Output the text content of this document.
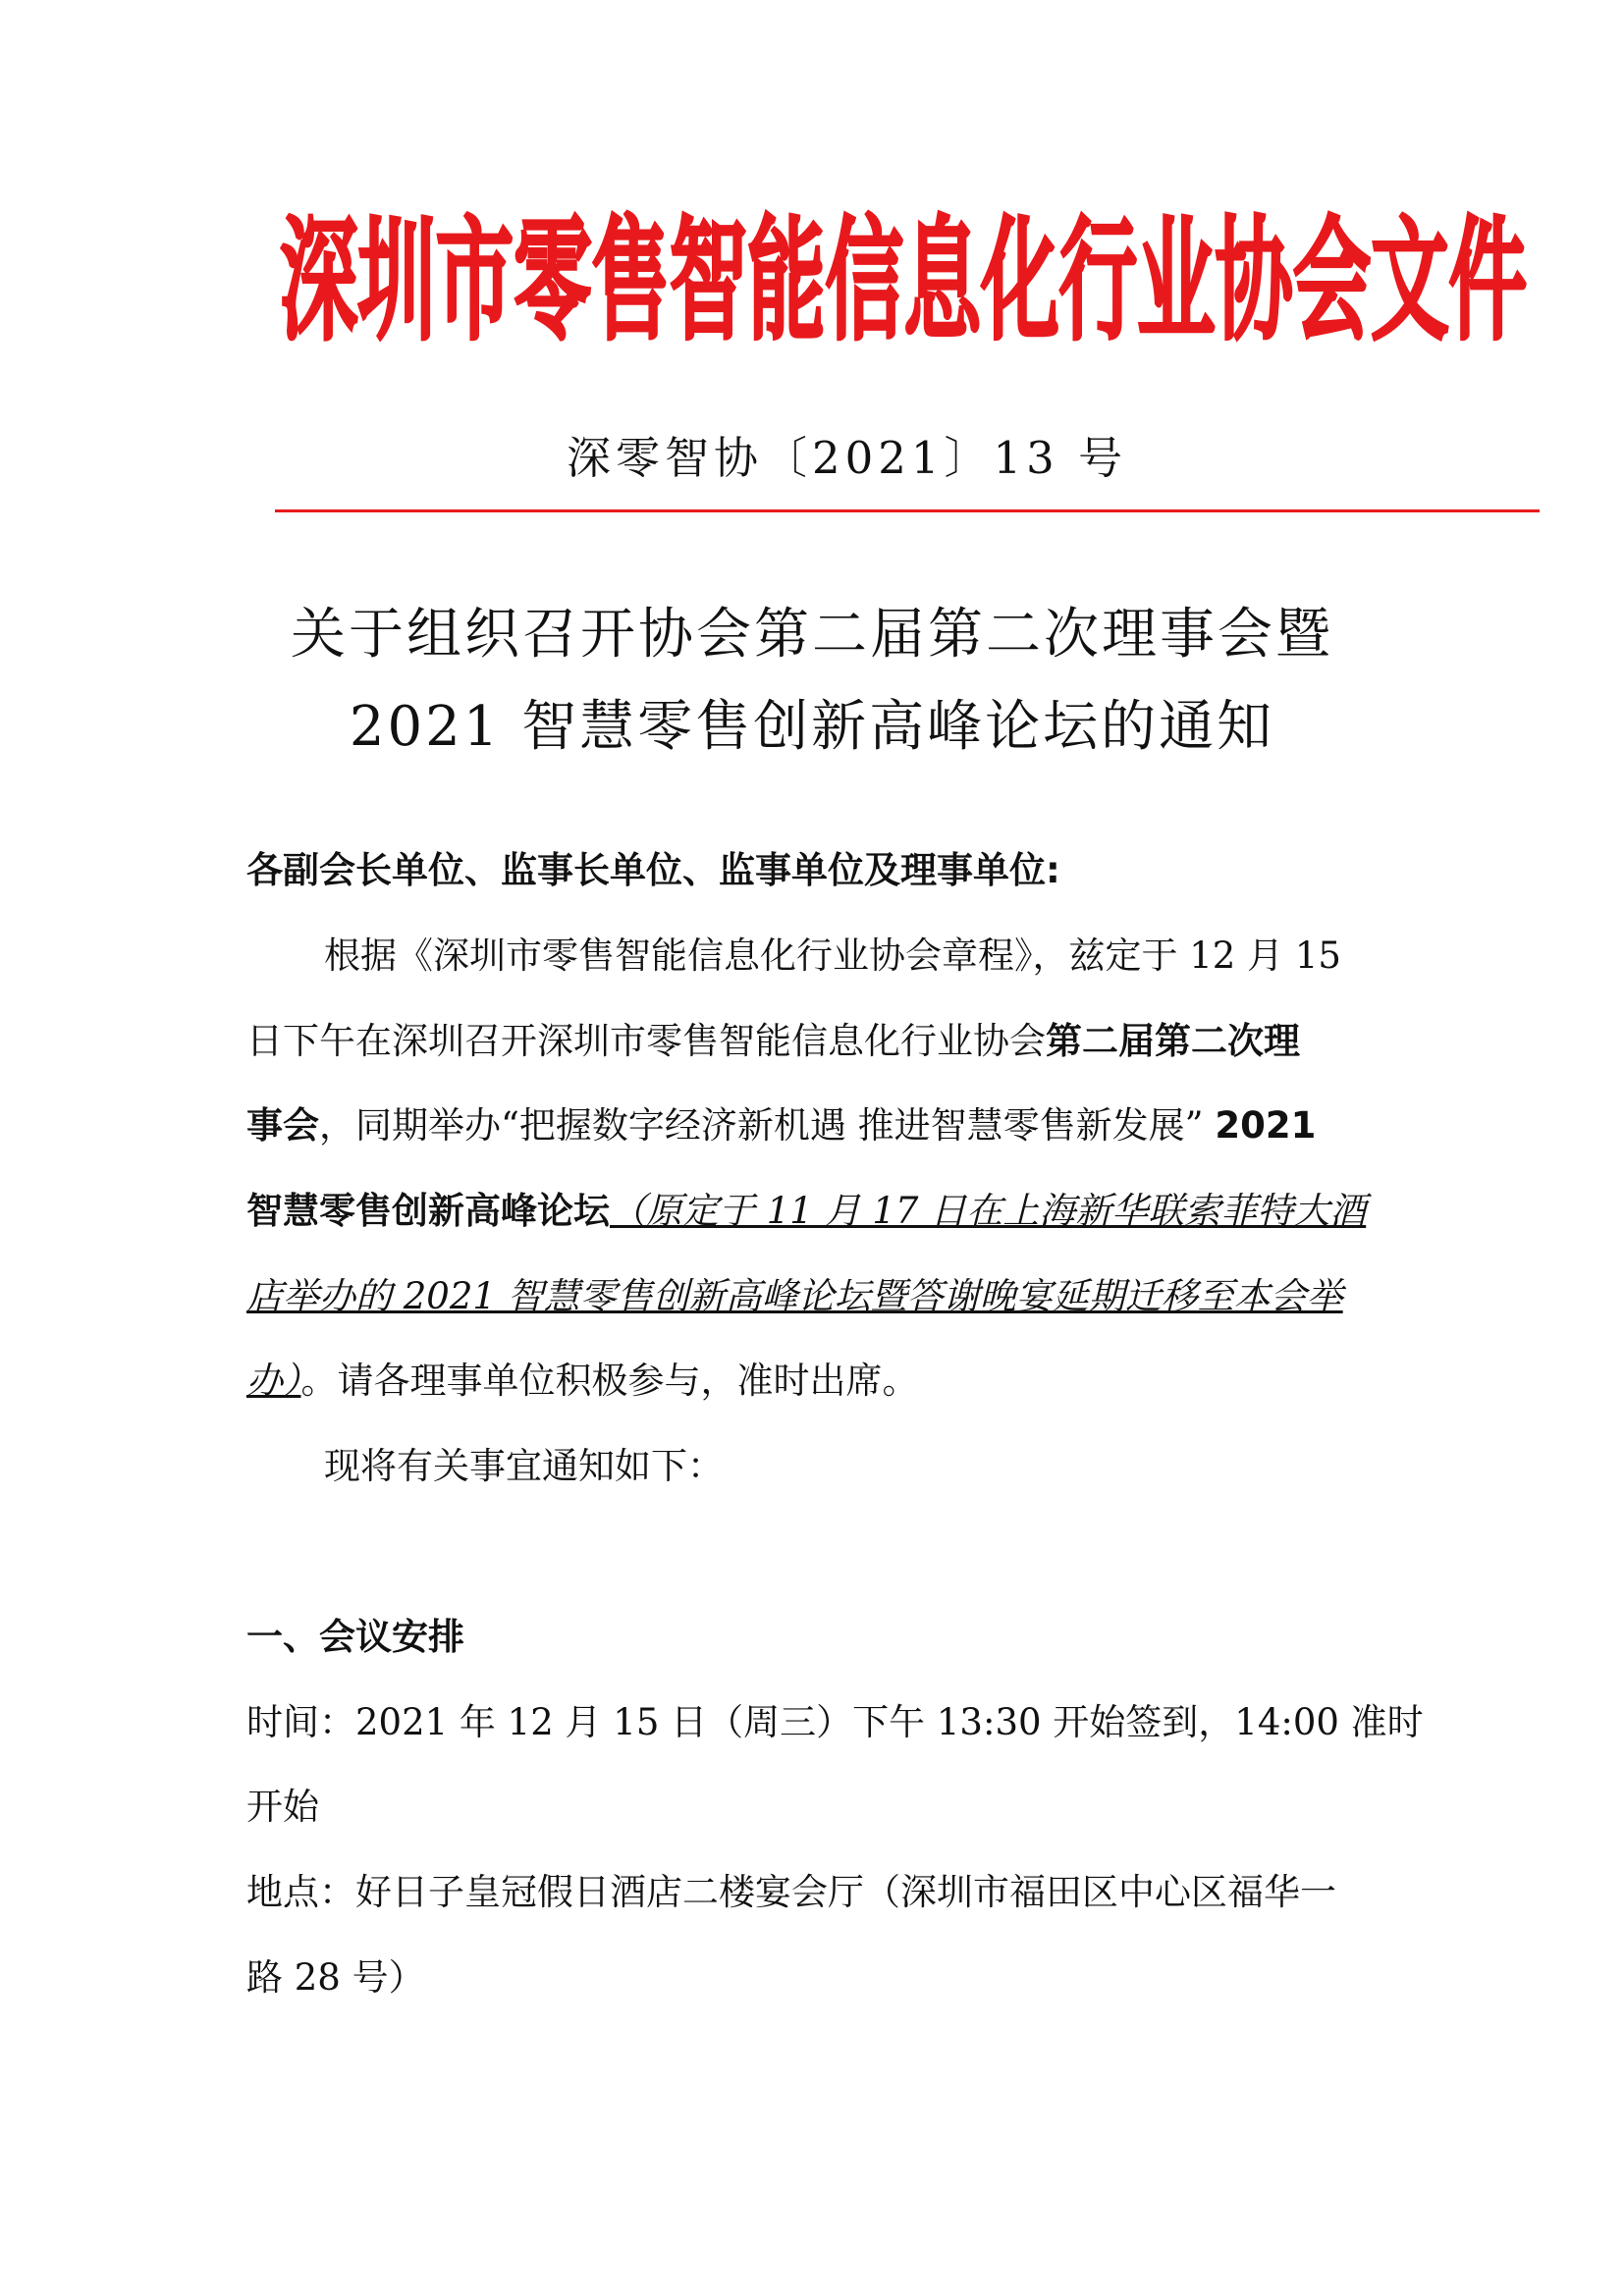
深圳市零售智能信息化行业协会文件
深零智协〔2021〕13 号
关于组织召开协会第二届第二次理事会暨
2021 智慧零售创新高峰论坛的通知
各副会长单位、监事长单位、监事单位及理事单位:
根据《深圳市零售智能信息化行业协会章程》，兹定于 12 月 15
日下午在深圳召开深圳市零售智能信息化行业协会第二届第二次理
事会，同期举办“把握数字经济新机遇 推进智慧零售新发展” 2021
智慧零售创新高峰论坛（原定于 11 月 17 日在上海新华联索菲特大酒
店举办的 2021 智慧零售创新高峰论坛暨答谢晚宴延期迁移至本会举
办）。请各理事单位积极参与，准时出席。
现将有关事宜通知如下：
一、会议安排
时间：2021 年 12 月 15 日（周三）下午 13:30 开始签到，14:00 准时
开始
地点：好日子皇冠假日酒店二楼宴会厅（深圳市福田区中心区福华一
路 28 号）
